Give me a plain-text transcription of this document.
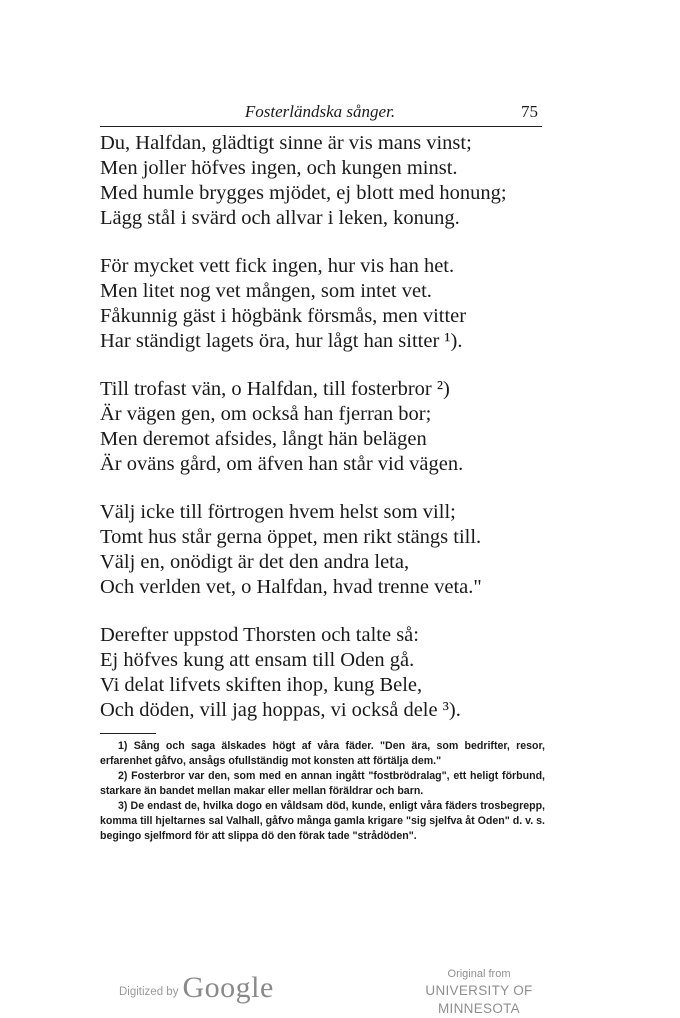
Fosterländska sånger.	75
Du, Halfdan, glädtigt sinne är vis mans vinst;
Men joller höfves ingen, och kungen minst.
Med humle brygges mjödet, ej blott med honung;
Lägg stål i svärd och allvar i leken, konung.
För mycket vett fick ingen, hur vis han het.
Men litet nog vet mången, som intet vet.
Fåkunnig gäst i högbänk försmås, men vitter
Har ständigt lagets öra, hur lågt han sitter ¹).
Till trofast vän, o Halfdan, till fosterbror ²)
Är vägen gen, om också han fjerran bor;
Men deremot afsides, långt hän belägen
Är oväns gård, om äfven han står vid vägen.
Välj icke till förtrogen hvem helst som vill;
Tomt hus står gerna öppet, men rikt stängs till.
Välj en, onödigt är det den andra leta,
Och verlden vet, o Halfdan, hvad trenne veta."
Derefter uppstod Thorsten och talte så:
Ej höfves kung att ensam till Oden gå.
Vi delat lifvets skiften ihop, kung Bele,
Och döden, vill jag hoppas, vi också dele ³).

1) Sång och saga älskades högt af våra fäder. "Den ära, som bedrifter, resor, erfarenhet gåfvo, ansågs ofullständig mot konsten att förtälja dem."

2) Fosterbror var den, som med en annan ingått "fostbrödralag", ett heligt förbund, starkare än bandet mellan makar eller mellan föräldrar och barn.

3) De endast de, hvilka dogo en våldsam död, kunde, enligt våra fäders trosbegrepp, komma till hjeltarnes sal Valhall, gåfvo många gamla krigare "sig sjelfva åt Oden" d. v. s. begingo sjelfmord för att slippa dö den förak tade "strådöden".

Digitized by Google	Original from
UNIVERSITY OF MINNESOTA
